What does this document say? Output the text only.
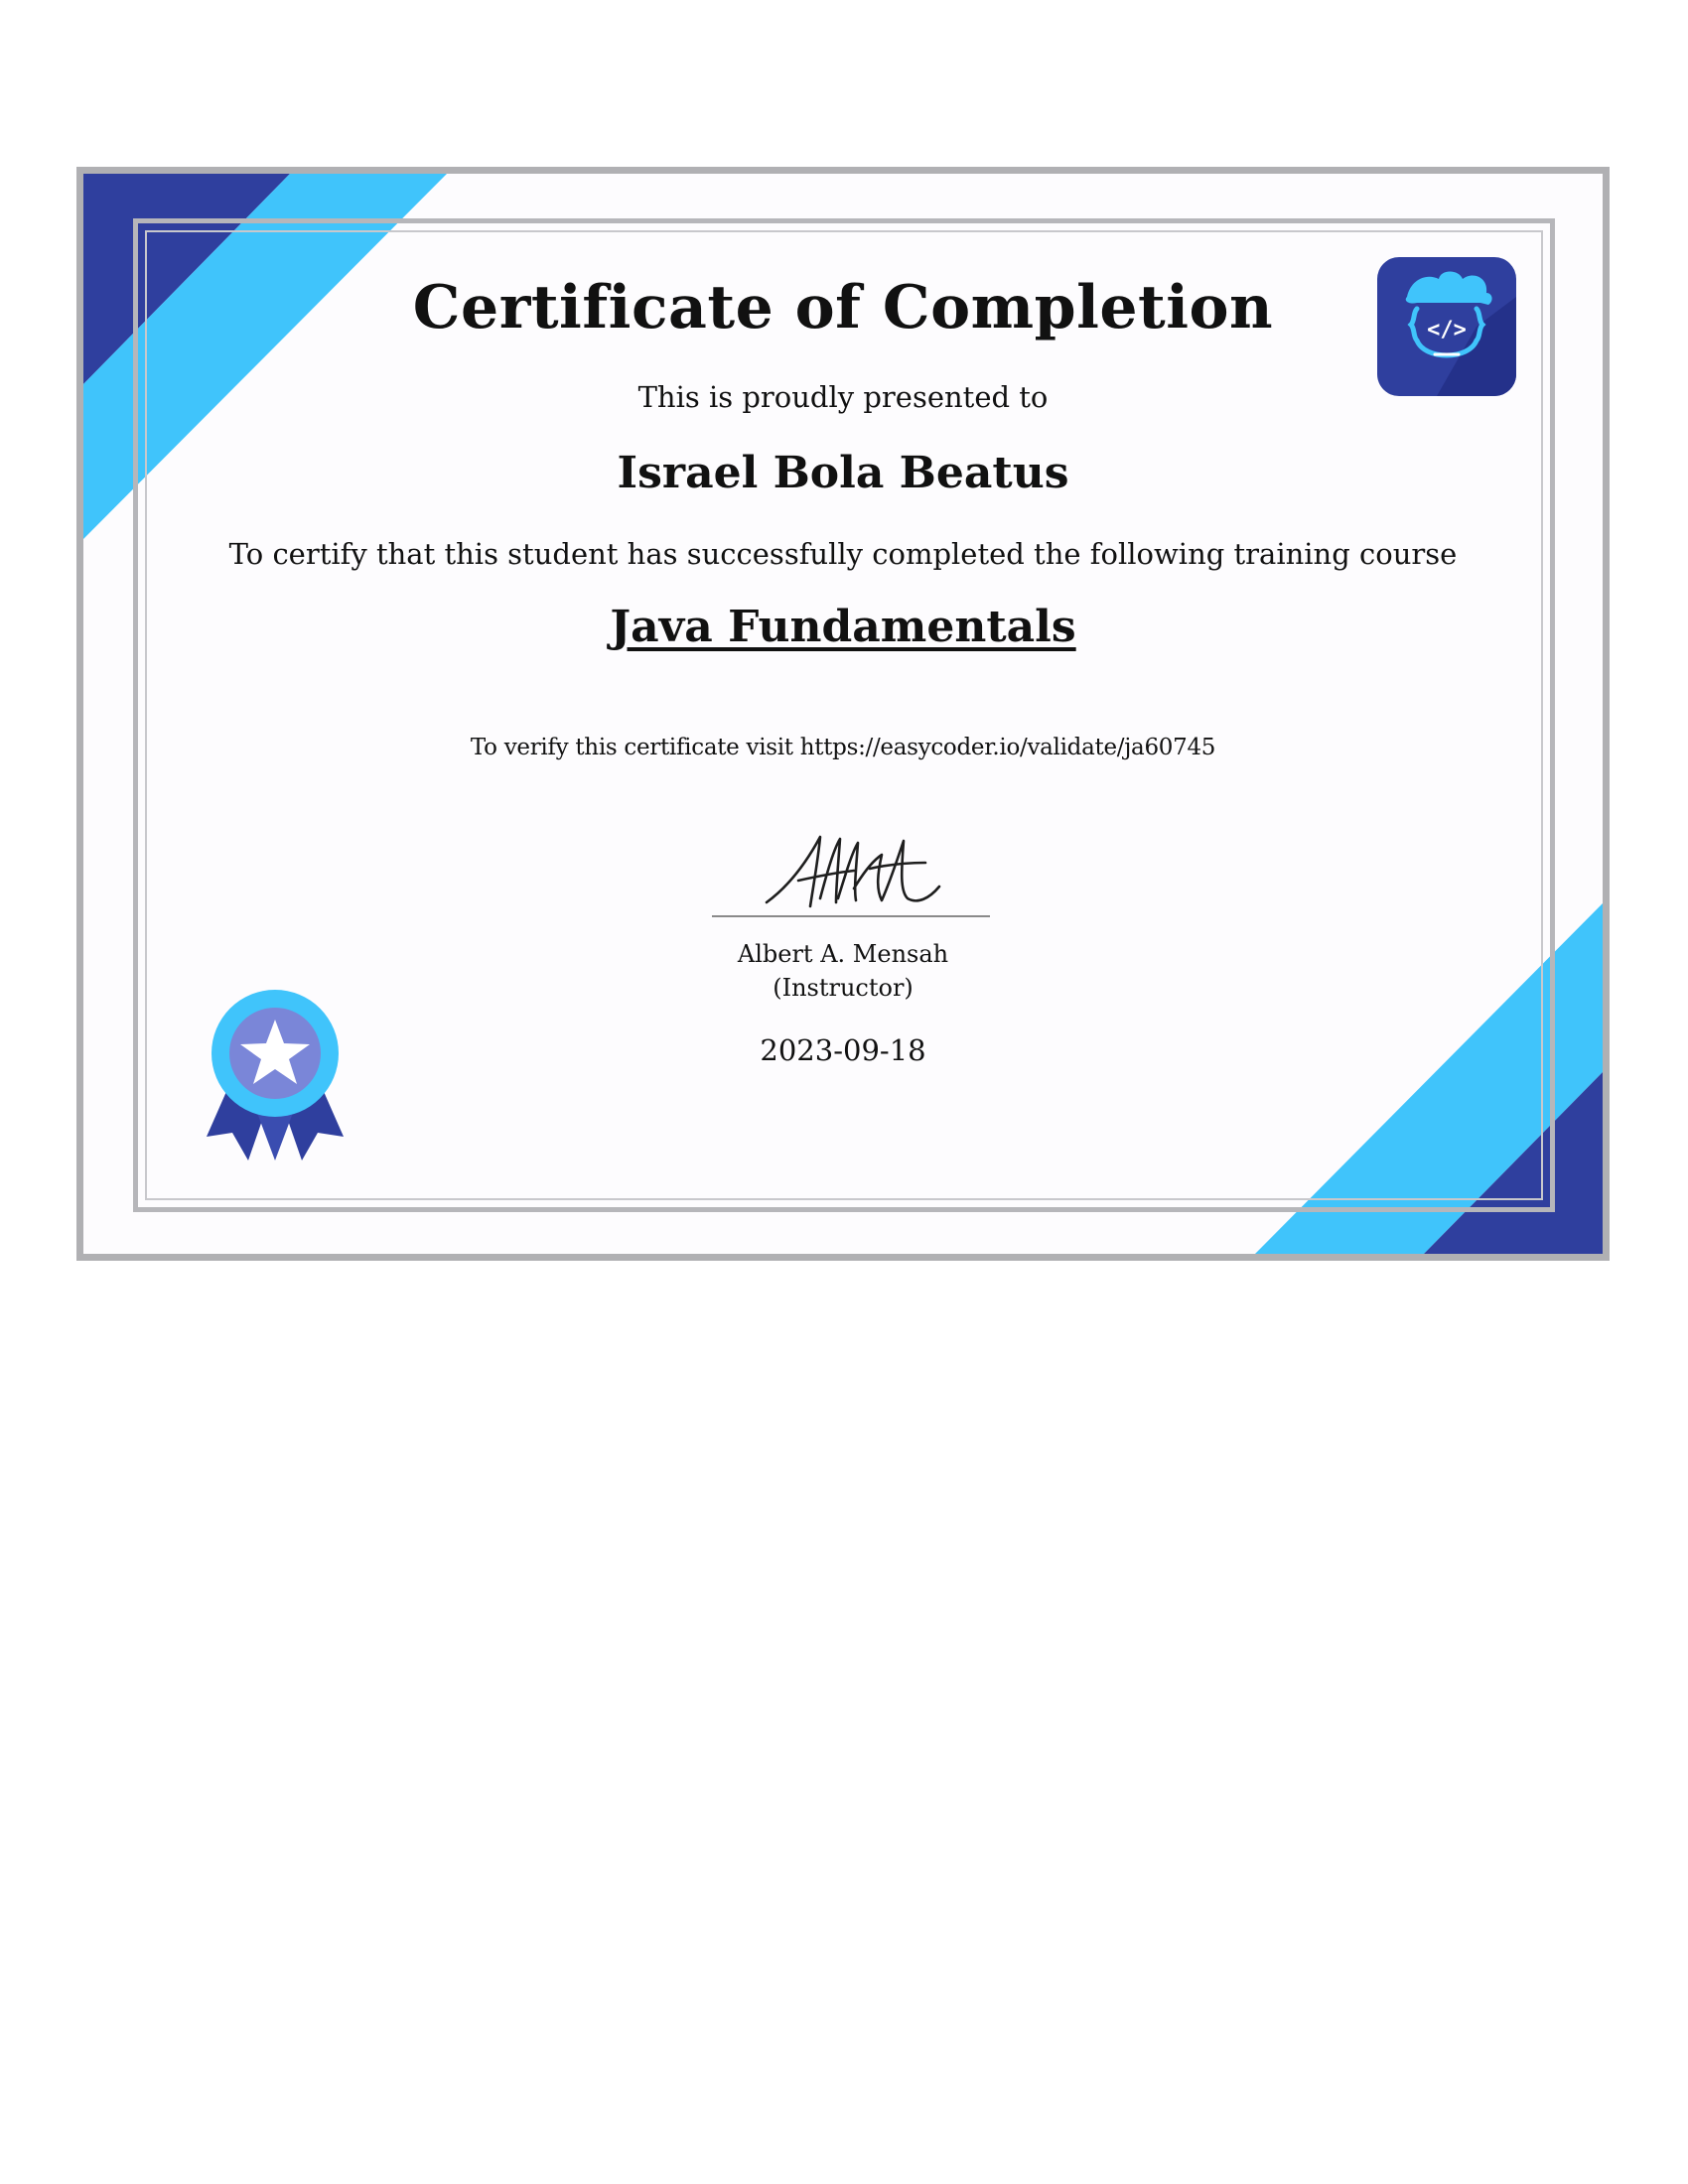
Certificate of Completion
This is proudly presented to
Israel Bola Beatus
To certify that this student has successfully completed the following training course
Java Fundamentals
To verify this certificate visit https://easycoder.io/validate/ja60745
Albert A. Mensah
(Instructor)
2023-09-18
</>
